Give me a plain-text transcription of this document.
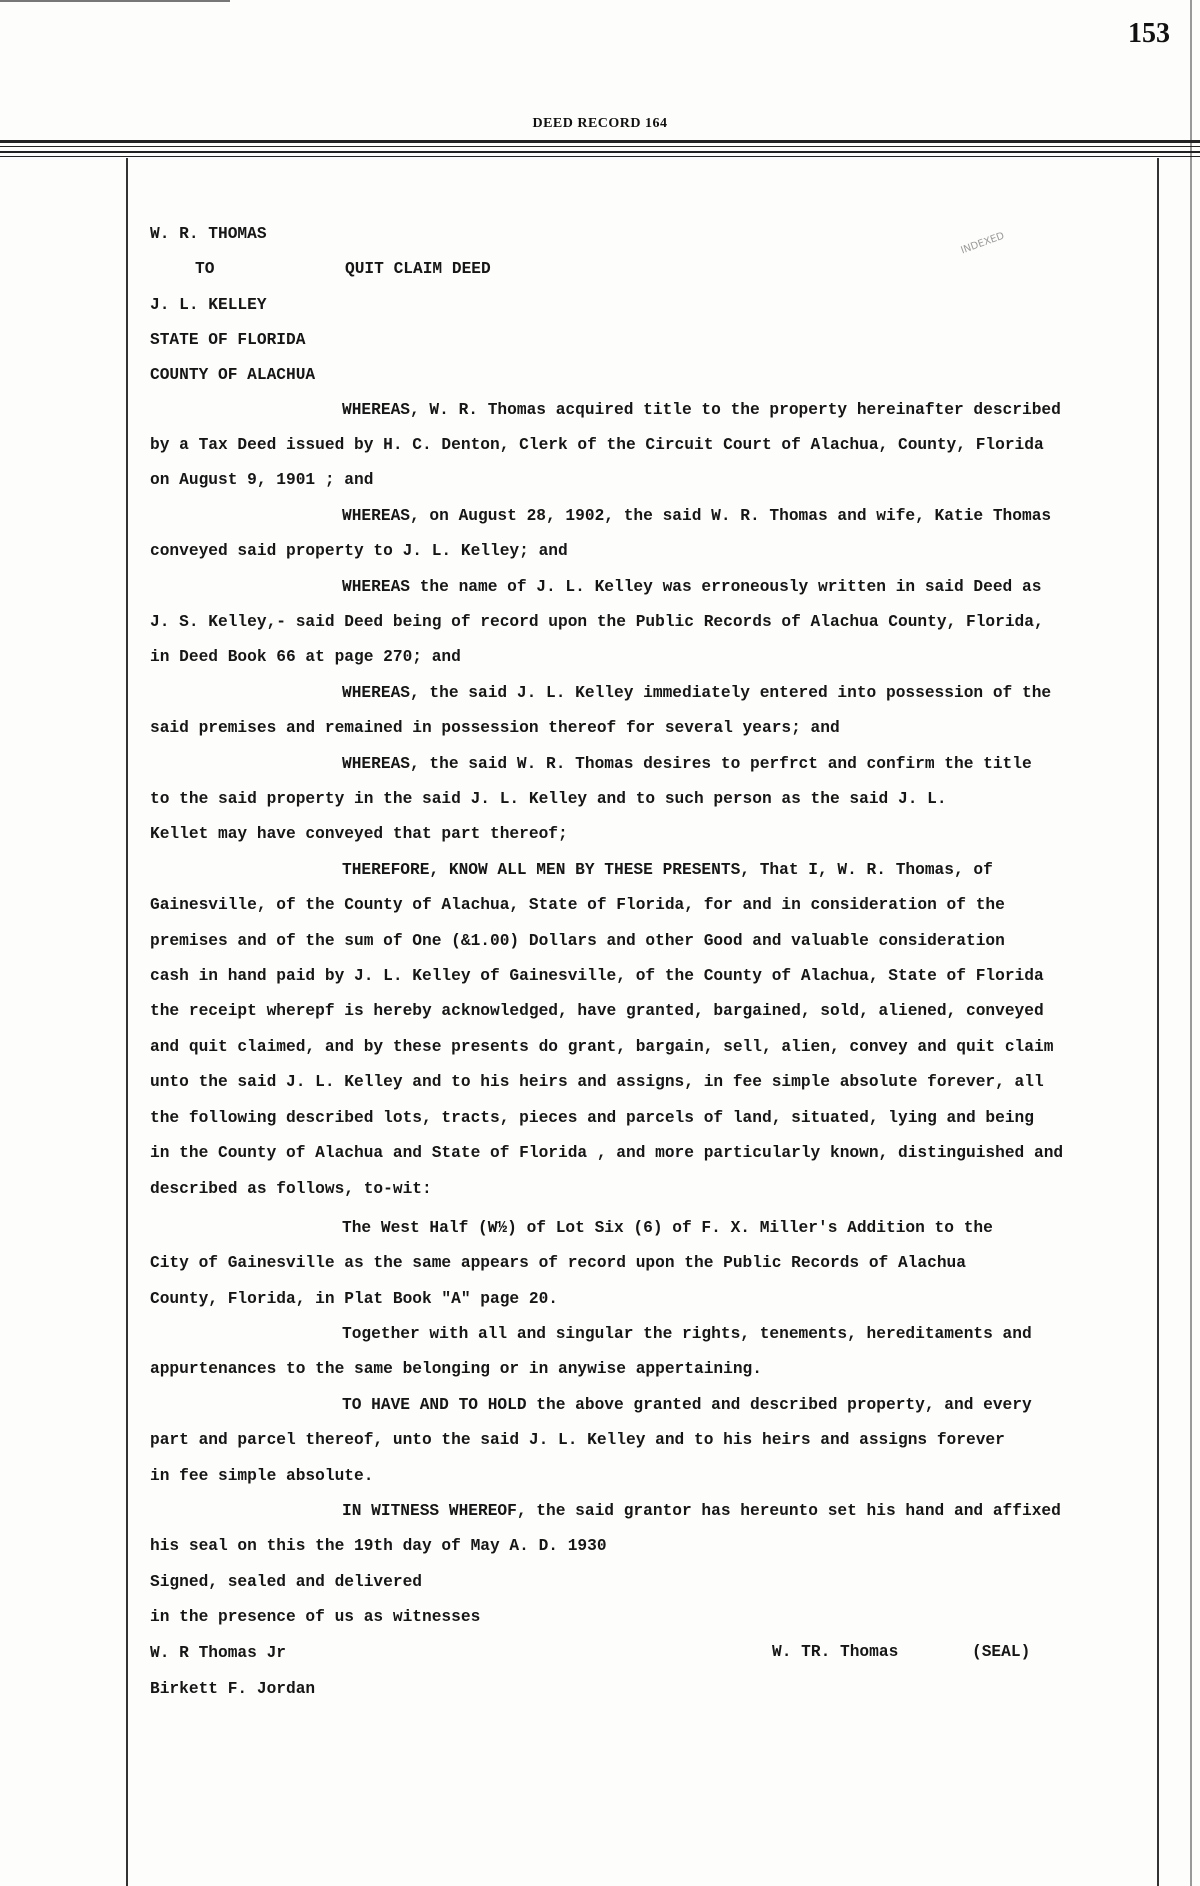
153
DEED RECORD 164
INDEXED
W. R. THOMAS
TO	QUIT CLAIM DEED
J. L. KELLEY
STATE OF FLORIDA
COUNTY OF ALACHUA
WHEREAS, W. R. Thomas acquired title to the property hereinafter described
by a Tax Deed issued by H. C. Denton, Clerk of the Circuit Court of Alachua, County, Florida
on August 9, 1901 ; and
WHEREAS, on August 28, 1902, the said W. R. Thomas and wife, Katie Thomas
conveyed said property to J. L. Kelley; and
WHEREAS the name of J. L. Kelley was erroneously written in said Deed as
J. S. Kelley,- said Deed being of record upon the Public Records of Alachua County, Florida,
in Deed Book 66 at page 270; and
WHEREAS, the said J. L. Kelley immediately entered into possession of the
said premises and remained in possession thereof for several years; and
WHEREAS, the said W. R. Thomas desires to perfrct and confirm the title
to the said property in the said J. L. Kelley and to such person as the said J. L.
Kellet may have conveyed that part thereof;
THEREFORE, KNOW ALL MEN BY THESE PRESENTS, That I, W. R. Thomas, of
Gainesville, of the County of Alachua, State of Florida, for and in consideration of the
premises and of the sum of One (&1.00) Dollars and other Good and valuable consideration
cash in hand paid by J. L. Kelley of Gainesville, of the County of Alachua, State of Florida
the receipt wherepf is hereby acknowledged, have granted, bargained, sold, aliened, conveyed
and quit claimed, and by these presents do grant, bargain, sell, alien, convey and quit claim
unto the said J. L. Kelley and to his heirs and assigns, in fee simple absolute forever, all
the following described lots, tracts, pieces and parcels of land, situated, lying and being
in the County of Alachua and State of Florida , and more particularly known, distinguished and
described as follows, to-wit:
The West Half (W½) of Lot Six (6) of F. X. Miller's Addition to the
City of Gainesville as the same appears of record upon the Public Records of Alachua
County, Florida, in Plat Book "A" page 20.
Together with all and singular the rights, tenements, hereditaments and
appurtenances to the same belonging or in anywise appertaining.
TO HAVE AND TO HOLD the above granted and described property, and every
part and parcel thereof, unto the said J. L. Kelley and to his heirs and assigns forever
in fee simple absolute.
IN WITNESS WHEREOF, the said grantor has hereunto set his hand and affixed
his seal on this the 19th day of May A. D. 1930
Signed, sealed and delivered
in the presence of us as witnesses
W. R Thomas Jr	W. TR. Thomas	(SEAL)
Birkett F. Jordan
